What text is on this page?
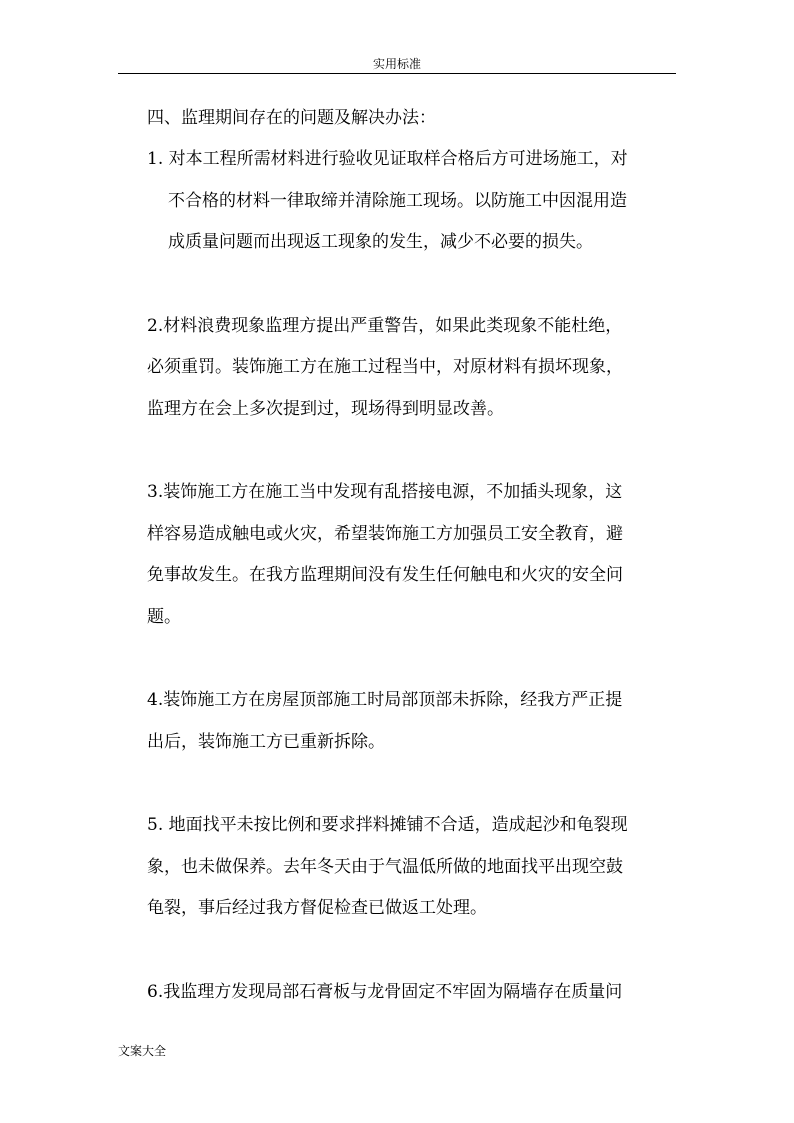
实用标准
四、监理期间存在的问题及解决办法：
1. 对本工程所需材料进行验收见证取样合格后方可进场施工，对
不合格的材料一律取缔并清除施工现场。以防施工中因混用造
成质量问题而出现返工现象的发生，减少不必要的损失。
2.材料浪费现象监理方提出严重警告，如果此类现象不能杜绝，
必须重罚。装饰施工方在施工过程当中，对原材料有损坏现象，
监理方在会上多次提到过，现场得到明显改善。
3.装饰施工方在施工当中发现有乱搭接电源，不加插头现象，这
样容易造成触电或火灾，希望装饰施工方加强员工安全教育，避
免事故发生。在我方监理期间没有发生任何触电和火灾的安全问
题。
4.装饰施工方在房屋顶部施工时局部顶部未拆除，经我方严正提
出后，装饰施工方已重新拆除。
5. 地面找平未按比例和要求拌料摊铺不合适，造成起沙和龟裂现
象，也未做保养。去年冬天由于气温低所做的地面找平出现空鼓
龟裂，事后经过我方督促检查已做返工处理。
6.我监理方发现局部石膏板与龙骨固定不牢固为隔墙存在质量问
文案大全
